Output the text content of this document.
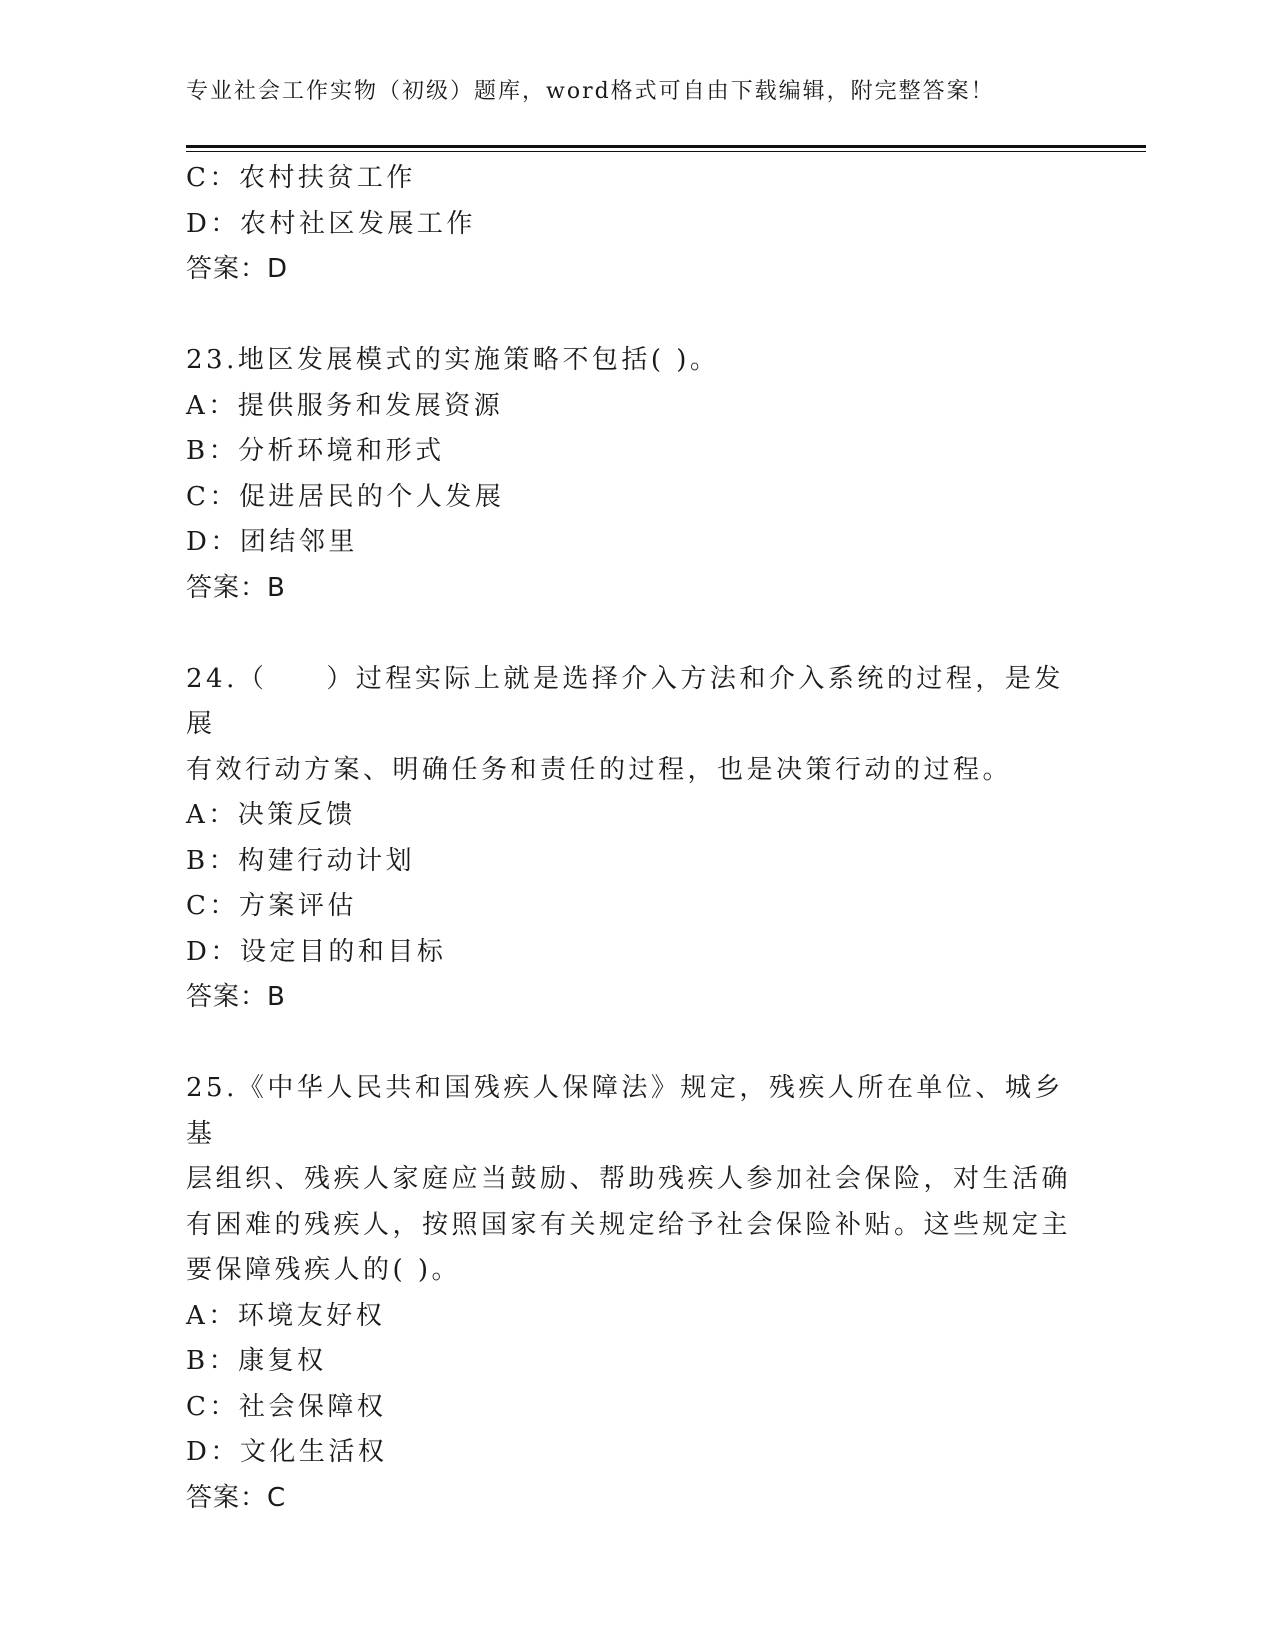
专业社会工作实物（初级）题库，word格式可自由下载编辑，附完整答案！
C：农村扶贫工作
D：农村社区发展工作
答案：D
23.地区发展模式的实施策略不包括( )。
A：提供服务和发展资源
B：分析环境和形式
C：促进居民的个人发展
D：团结邻里
答案：B
24.（　　）过程实际上就是选择介入方法和介入系统的过程，是发展
有效行动方案、明确任务和责任的过程，也是决策行动的过程。
A：决策反馈
B：构建行动计划
C：方案评估
D：设定目的和目标
答案：B
25.《中华人民共和国残疾人保障法》规定，残疾人所在单位、城乡基
层组织、残疾人家庭应当鼓励、帮助残疾人参加社会保险，对生活确
有困难的残疾人，按照国家有关规定给予社会保险补贴。这些规定主
要保障残疾人的( )。
A：环境友好权
B：康复权
C：社会保障权
D：文化生活权
答案：C
